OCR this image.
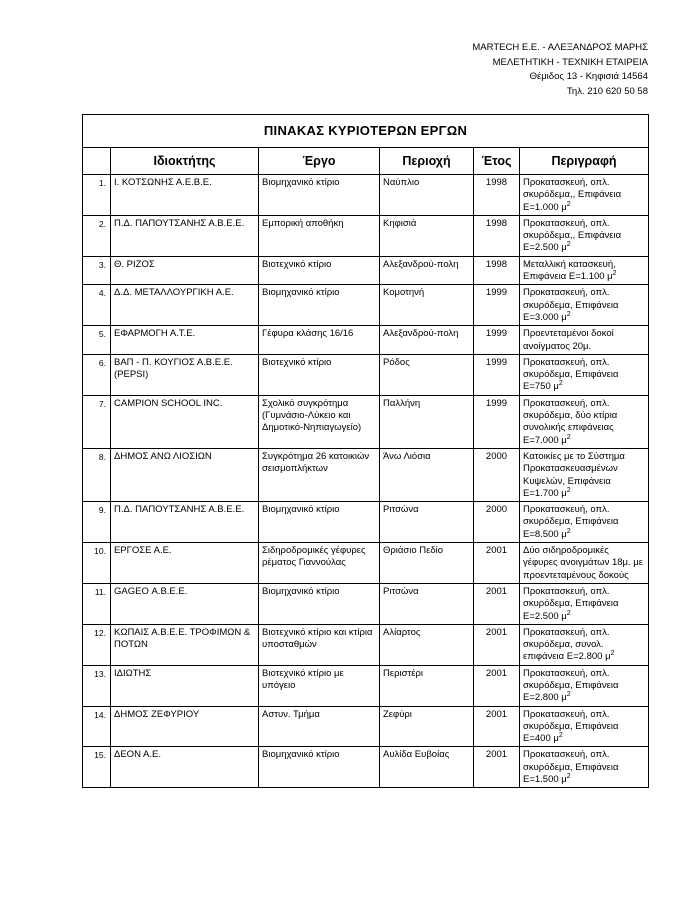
MARTECH Ε.Ε. - ΑΛΕΞΑΝΔΡΟΣ ΜΑΡΗΣ
ΜΕΛΕΤΗΤΙΚΗ - ΤΕΧΝΙΚΗ ΕΤΑΙΡΕΙΑ
Θέμιδος 13 - Κηφισιά 14564
Τηλ. 210 620 50 58
ΠΙΝΑΚΑΣ ΚΥΡΙΟΤΕΡΩΝ ΕΡΓΩΝ					
	Ιδιοκτήτης	Έργο	Περιοχή	Έτος	Περιγραφή
1.	Ι. ΚΟΤΣΩΝΗΣ Α.Ε.Β.Ε.	Βιομηχανικό κτίριο	Ναύπλιο	1998	Προκατασκευή, οπλ. σκυρόδεμα,, Επιφάνεια Ε=1.000 $\mu^2$
2.	Π.Δ. ΠΑΠΟΥΤΣΑΝΗΣ Α.Β.Ε.Ε.	Εμπορική αποθήκη	Κηφισιά	1998	Προκατασκευή, οπλ. σκυρόδεμα,, Επιφάνεια Ε=2.500 $\mu^2$
3.	Θ. ΡΙΖΟΣ	Βιοτεχνικό κτίριο	Αλεξανδρού-πολη	1998	Μεταλλική κατασκευή, Επιφάνεια Ε=1.100 $\mu^2$
4.	Δ.Δ. ΜΕΤΑΛΛΟΥΡΓΙΚΗ Α.Ε.	Βιομηχανικό κτίριο	Κομοτηνή	1999	Προκατασκευή, οπλ. σκυρόδεμα, Επιφάνεια Ε=3.000 $\mu^2$
5.	ΕΦΑΡΜΟΓΗ Α.Τ.Ε.	Γέφυρα κλάσης 16/16	Αλεξανδρού-πολη	1999	Προεντεταμένοι δοκοί ανοίγματος 20μ.
6.	ΒΑΠ - Π. ΚΟΥΓΙΟΣ Α.Β.Ε.Ε. (PEPSI)	Βιοτεχνικό κτίριο	Ρόδος	1999	Προκατασκευή, οπλ. σκυρόδεμα, Επιφάνεια Ε=750 $\mu^2$
7.	CAMPION SCHOOL INC.	Σχολικό συγκρότημα (Γυμνάσιο-Λύκειο και Δημοτικό-Νηπιαγωγείο)	Παλλήνη	1999	Προκατασκευή, οπλ. σκυρόδεμα, δύο κτίρια συνολικής επιφάνειας Ε=7.000 $\mu^2$
8.	ΔΗΜΟΣ ΑΝΩ ΛΙΟΣΙΩΝ	Συγκρότημα 26 κατοικιών σεισμοπλήκτων	Άνω Λιόσια	2000	Κατοικίες με το Σύστημα Προκατασκευασμένων Κυψελών, Επιφάνεια Ε=1.700 $\mu^2$
9.	Π.Δ. ΠΑΠΟΥΤΣΑΝΗΣ Α.Β.Ε.Ε.	Βιομηχανικό κτίριο	Ριτσώνα	2000	Προκατασκευή, οπλ. σκυρόδεμα, Επιφάνεια Ε=8.500 $\mu^2$
10.	ΕΡΓΟΣΕ Α.Ε.	Σιδηροδρομικές γέφυρες ρέματος Γιαννούλας	Θριάσιο Πεδίο	2001	Δύο σιδηροδρομικές γέφυρες ανοιγμάτων 18μ. με προεντεταμένους δοκούς
11.	GAGEO Α.Β.Ε.Ε.	Βιομηχανικό κτίριο	Ριτσώνα	2001	Προκατασκευή, οπλ. σκυρόδεμα, Επιφάνεια Ε=2.500 $\mu^2$
12.	ΚΩΠΑΙΣ Α.Β.Ε.Ε. ΤΡΟΦΙΜΩΝ & ΠΟΤΩΝ	Βιοτεχνικό κτίριο και κτίρια υποσταθμών	Αλίαρτος	2001	Προκατασκευή, οπλ. σκυρόδεμα, συνολ. επιφάνεια Ε=2.800 $\mu^2$
13.	ΙΔΙΩΤΗΣ	Βιοτεχνικό κτίριο με υπόγειο	Περιστέρι	2001	Προκατασκευή, οπλ. σκυρόδεμα, Επιφάνεια Ε=2.800 $\mu^2$
14.	ΔΗΜΟΣ ΖΕΦΥΡΙΟΥ	Αστυν. Τμήμα	Ζεφύρι	2001	Προκατασκευή, οπλ. σκυρόδεμα, Επιφάνεια Ε=400 $\mu^2$
15.	ΔΕΟΝ Α.Ε.	Βιομηχανικό κτίριο	Αυλίδα Ευβοίας	2001	Προκατασκευή, οπλ. σκυρόδεμα, Επιφάνεια Ε=1.500 $\mu^2$
